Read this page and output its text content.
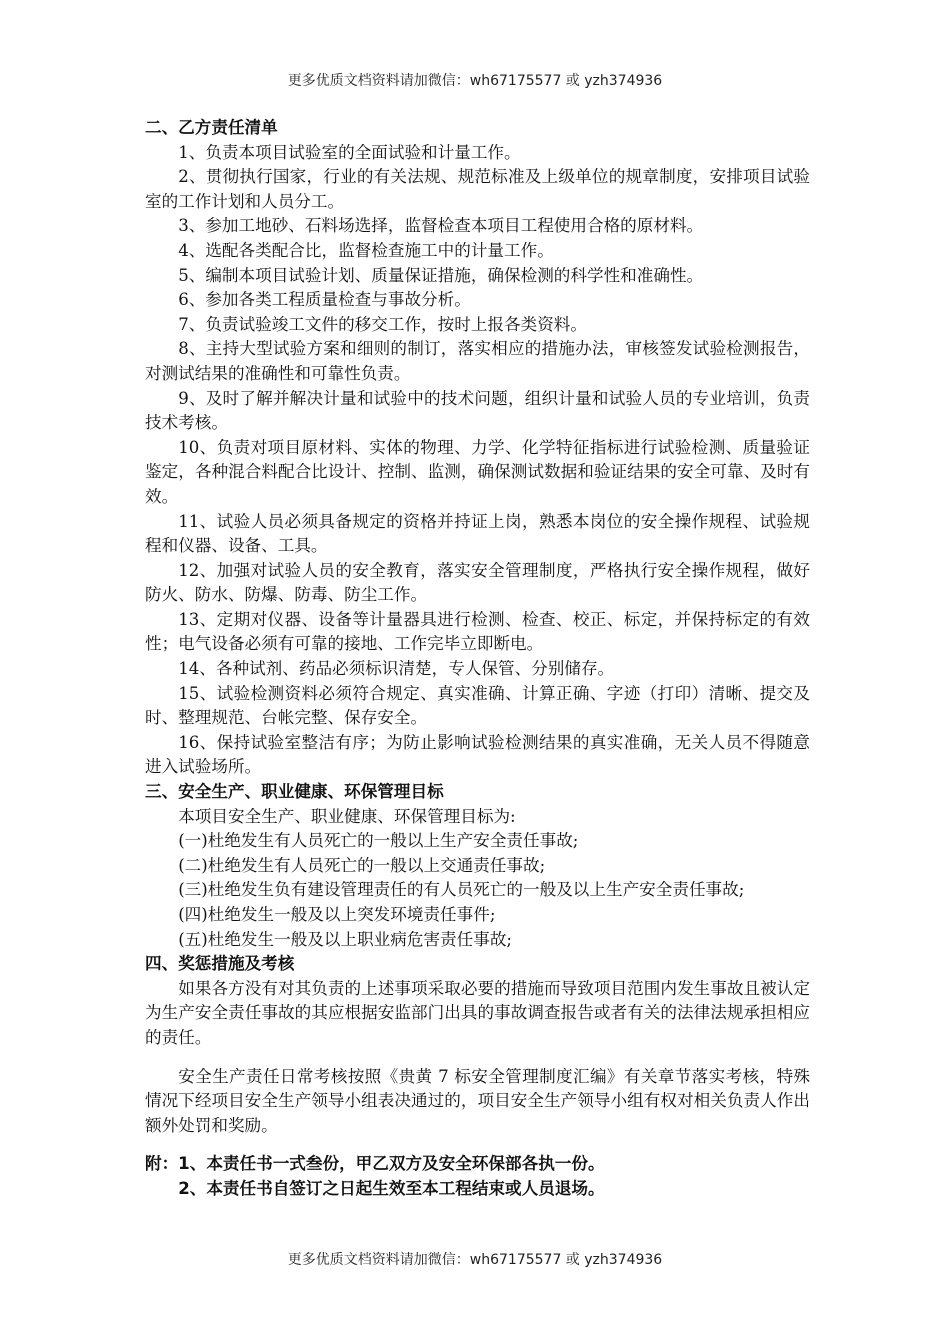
更多优质文档资料请加微信：wh67175577 或 yzh374936

二、乙方责任清单

1、负责本项目试验室的全面试验和计量工作。

2、贯彻执行国家，行业的有关法规、规范标准及上级单位的规章制度，安排项目试验室的工作计划和人员分工。

3、参加工地砂、石料场选择，监督检查本项目工程使用合格的原材料。

4、选配各类配合比，监督检查施工中的计量工作。

5、编制本项目试验计划、质量保证措施，确保检测的科学性和准确性。

6、参加各类工程质量检查与事故分析。

7、负责试验竣工文件的移交工作，按时上报各类资料。

8、主持大型试验方案和细则的制订，落实相应的措施办法，审核签发试验检测报告，对测试结果的准确性和可靠性负责。

9、及时了解并解决计量和试验中的技术问题，组织计量和试验人员的专业培训，负责技术考核。

10、负责对项目原材料、实体的物理、力学、化学特征指标进行试验检测、质量验证鉴定，各种混合料配合比设计、控制、监测，确保测试数据和验证结果的安全可靠、及时有效。

11、试验人员必须具备规定的资格并持证上岗，熟悉本岗位的安全操作规程、试验规程和仪器、设备、工具。

12、加强对试验人员的安全教育，落实安全管理制度，严格执行安全操作规程，做好防火、防水、防爆、防毒、防尘工作。

13、定期对仪器、设备等计量器具进行检测、检查、校正、标定，并保持标定的有效性；电气设备必须有可靠的接地、工作完毕立即断电。

14、各种试剂、药品必须标识清楚，专人保管、分别储存。

15、试验检测资料必须符合规定、真实准确、计算正确、字迹（打印）清晰、提交及时、整理规范、台帐完整、保存安全。

16、保持试验室整洁有序；为防止影响试验检测结果的真实准确，无关人员不得随意进入试验场所。

三、安全生产、职业健康、环保管理目标

本项目安全生产、职业健康、环保管理目标为:

(一)杜绝发生有人员死亡的一般以上生产安全责任事故;

(二)杜绝发生有人员死亡的一般以上交通责任事故;

(三)杜绝发生负有建设管理责任的有人员死亡的一般及以上生产安全责任事故;

(四)杜绝发生一般及以上突发环境责任事件;

(五)杜绝发生一般及以上职业病危害责任事故;

四、奖惩措施及考核

如果各方没有对其负责的上述事项采取必要的措施而导致项目范围内发生事故且被认定为生产安全责任事故的其应根据安监部门出具的事故调查报告或者有关的法律法规承担相应的责任。

安全生产责任日常考核按照《贵黄 7 标安全管理制度汇编》有关章节落实考核，特殊情况下经项目安全生产领导小组表决通过的，项目安全生产领导小组有权对相关负责人作出额外处罚和奖励。

附：1、本责任书一式叁份，甲乙双方及安全环保部各执一份。

2、本责任书自签订之日起生效至本工程结束或人员退场。

更多优质文档资料请加微信：wh67175577 或 yzh374936
